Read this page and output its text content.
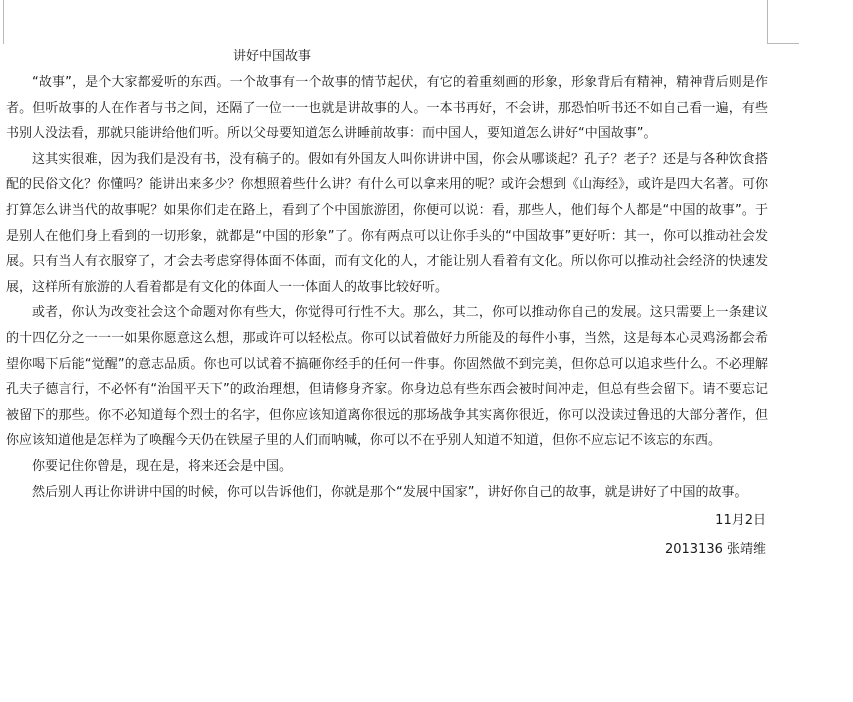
讲好中国故事

“故事”，是个大家都爱听的东西。一个故事有一个故事的情节起伏，有它的着重刻画的形象，形象背后有精神，精神背后则是作者。但听故事的人在作者与书之间，还隔了一位一一也就是讲故事的人。一本书再好，不会讲，那恐怕听书还不如自己看一遍，有些书别人没法看，那就只能讲给他们听。所以父母要知道怎么讲睡前故事：而中国人，要知道怎么讲好“中国故事”。

这其实很难，因为我们是没有书，没有稿子的。假如有外国友人叫你讲讲中国，你会从哪谈起？孔子？老子？还是与各种饮食搭配的民俗文化？你懂吗？能讲出来多少？你想照着些什么讲？有什么可以拿来用的呢？或许会想到《山海经》，或许是四大名著。可你打算怎么讲当代的故事呢？如果你们走在路上，看到了个中国旅游团，你便可以说：看，那些人，他们每个人都是“中国的故事”。于是别人在他们身上看到的一切形象，就都是“中国的形象”了。你有两点可以让你手头的“中国故事”更好听：其一，你可以推动社会发展。只有当人有衣服穿了，才会去考虑穿得体面不体面，而有文化的人，才能让别人看着有文化。所以你可以推动社会经济的快速发展，这样所有旅游的人看着都是有文化的体面人一一体面人的故事比较好听。

或者，你认为改变社会这个命题对你有些大，你觉得可行性不大。那么，其二，你可以推动你自己的发展。这只需要上一条建议的十四亿分之一一一如果你愿意这么想，那或许可以轻松点。你可以试着做好力所能及的每件小事，当然，这是每本心灵鸡汤都会希望你喝下后能“觉醒”的意志品质。你也可以试着不搞砸你经手的任何一件事。你固然做不到完美，但你总可以追求些什么。不必理解孔夫子德言行，不必怀有“治国平天下”的政治理想，但请修身齐家。你身边总有些东西会被时间冲走，但总有些会留下。请不要忘记被留下的那些。你不必知道每个烈士的名字，但你应该知道离你很远的那场战争其实离你很近，你可以没读过鲁迅的大部分著作，但你应该知道他是怎样为了唤醒今天仍在铁屋子里的人们而呐喊，你可以不在乎别人知道不知道，但你不应忘记不该忘的东西。

你要记住你曾是，现在是，将来还会是中国。

然后别人再让你讲讲中国的时候，你可以告诉他们，你就是那个“发展中国家”，讲好你自己的故事，就是讲好了中国的故事。

11月2日
2013136 张靖维
